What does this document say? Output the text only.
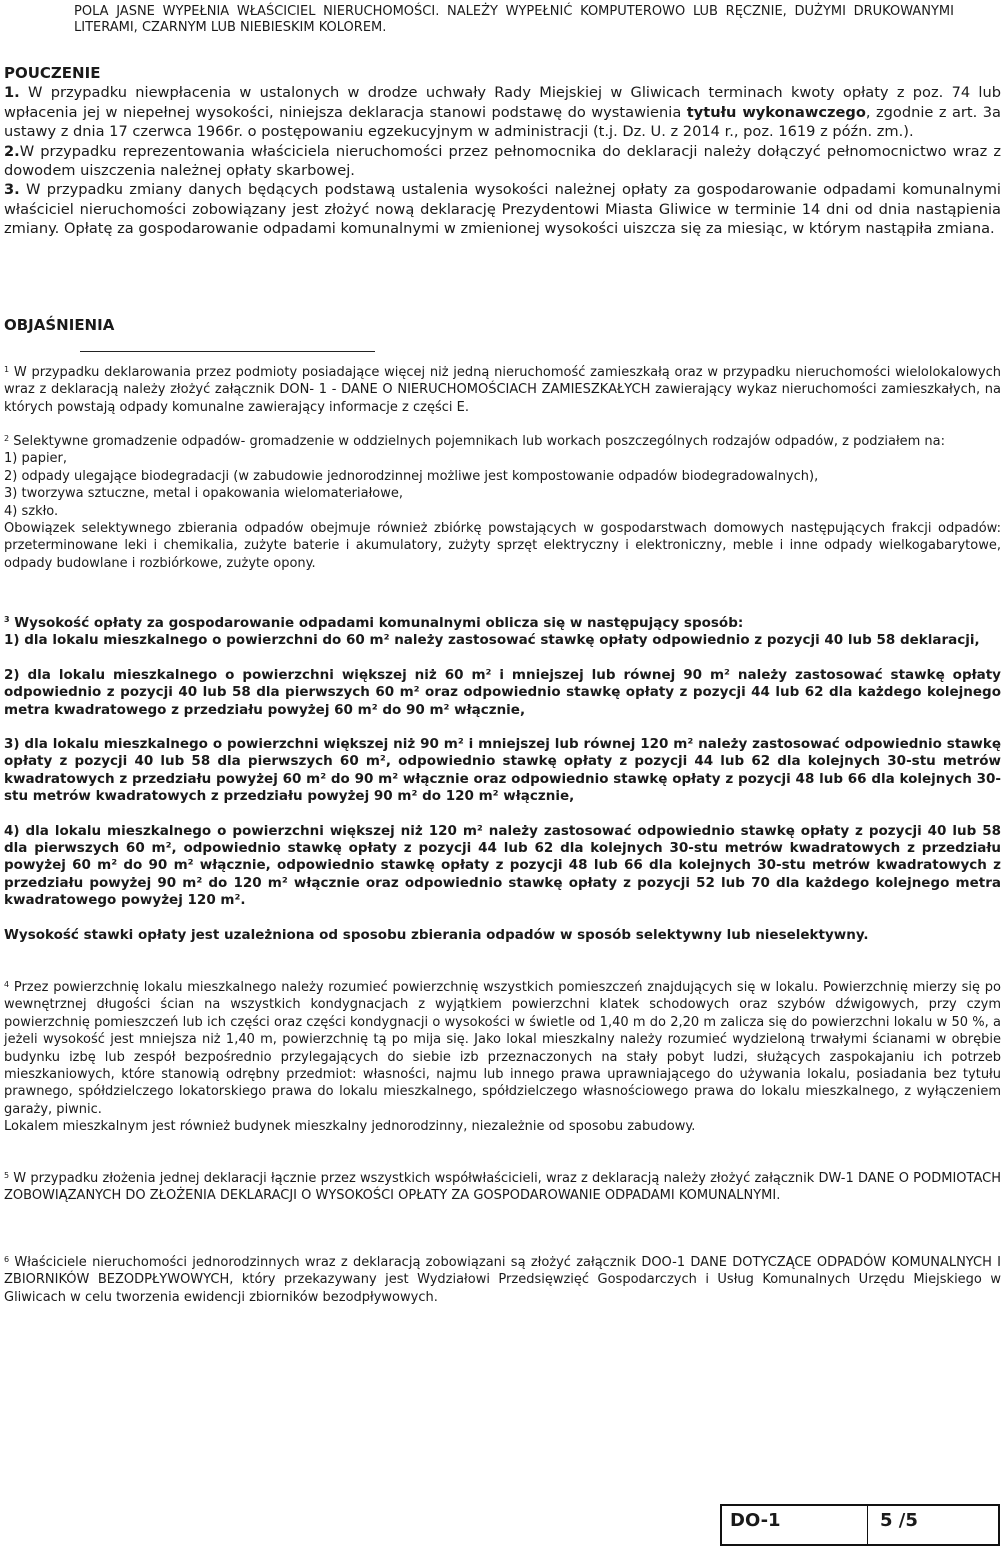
POLA JASNE WYPEŁNIA WŁAŚCICIEL NIERUCHOMOŚCI. NALEŻY WYPEŁNIĆ KOMPUTEROWO LUB RĘCZNIE, DUŻYMI DRUKOWANYMI LITERAMI, CZARNYM LUB NIEBIESKIM KOLOREM.
POUCZENIE
1. W przypadku niewpłacenia w ustalonych w drodze uchwały Rady Miejskiej w Gliwicach terminach kwoty opłaty z poz. 74 lub wpłacenia jej w niepełnej wysokości, niniejsza deklaracja stanowi podstawę do wystawienia tytułu wykonawczego, zgodnie z art. 3a ustawy z dnia 17 czerwca 1966r. o postępowaniu egzekucyjnym w administracji (t.j. Dz. U. z 2014 r., poz. 1619 z późn. zm.).
2.W przypadku reprezentowania właściciela nieruchomości przez pełnomocnika do deklaracji należy dołączyć pełnomocnictwo wraz z dowodem uiszczenia należnej opłaty skarbowej.
3. W przypadku zmiany danych będących podstawą ustalenia wysokości należnej opłaty za gospodarowanie odpadami komunalnymi właściciel nieruchomości zobowiązany jest złożyć nową deklarację Prezydentowi Miasta Gliwice w terminie 14 dni od dnia nastąpienia zmiany. Opłatę za gospodarowanie odpadami komunalnymi w zmienionej wysokości uiszcza się za miesiąc, w którym nastąpiła zmiana.
OBJAŚNIENIA
$^1$ W przypadku deklarowania przez podmioty posiadające więcej niż jedną nieruchomość zamieszkałą oraz w przypadku nieruchomości wielolokalowych wraz z deklaracją należy złożyć załącznik DON- 1 - DANE O NIERUCHOMOŚCIACH ZAMIESZKAŁYCH zawierający wykaz nieruchomości zamieszkałych, na których powstają odpady komunalne zawierający informacje z części E.
$^2$ Selektywne gromadzenie odpadów- gromadzenie w oddzielnych pojemnikach lub workach poszczególnych rodzajów odpadów, z podziałem na:
1) papier,
2) odpady ulegające biodegradacji (w zabudowie jednorodzinnej możliwe jest kompostowanie odpadów biodegradowalnych),
3) tworzywa sztuczne, metal i opakowania wielomateriałowe,
4) szkło.
Obowiązek selektywnego zbierania odpadów obejmuje również zbiórkę powstających w gospodarstwach domowych następujących frakcji odpadów: przeterminowane leki i chemikalia, zużyte baterie i akumulatory, zużyty sprzęt elektryczny i elektroniczny, meble i inne odpady wielkogabarytowe, odpady budowlane i rozbiórkowe, zużyte opony.

$^3$ Wysokość opłaty za gospodarowanie odpadami komunalnymi oblicza się w następujący sposób:

1) dla lokalu mieszkalnego o powierzchni do 60 m² należy zastosować stawkę opłaty odpowiednio z pozycji 40 lub 58 deklaracji,

2) dla lokalu mieszkalnego o powierzchni większej niż 60 m² i mniejszej lub równej 90 m² należy zastosować stawkę opłaty odpowiednio z pozycji 40 lub 58 dla pierwszych 60 m² oraz odpowiednio stawkę opłaty z pozycji 44 lub 62 dla każdego kolejnego metra kwadratowego z przedziału powyżej 60 m² do 90 m² włącznie,

3) dla lokalu mieszkalnego o powierzchni większej niż 90 m² i mniejszej lub równej 120 m² należy zastosować odpowiednio stawkę opłaty z pozycji 40 lub 58 dla pierwszych 60 m², odpowiednio stawkę opłaty z pozycji 44 lub 62 dla kolejnych 30-stu metrów kwadratowych z przedziału powyżej 60 m² do 90 m² włącznie oraz odpowiednio stawkę opłaty z pozycji 48 lub 66 dla kolejnych 30-stu metrów kwadratowych z przedziału powyżej 90 m² do 120 m² włącznie,

4) dla lokalu mieszkalnego o powierzchni większej niż 120 m² należy zastosować odpowiednio stawkę opłaty z pozycji 40 lub 58 dla pierwszych 60 m², odpowiednio stawkę opłaty z pozycji 44 lub 62 dla kolejnych 30-stu metrów kwadratowych z przedziału powyżej 60 m² do 90 m² włącznie, odpowiednio stawkę opłaty z pozycji 48 lub 66 dla kolejnych 30-stu metrów kwadratowych z przedziału powyżej 90 m² do 120 m² włącznie oraz odpowiednio stawkę opłaty z pozycji 52 lub 70 dla każdego kolejnego metra kwadratowego powyżej 120 m².

Wysokość stawki opłaty jest uzależniona od sposobu zbierania odpadów w sposób selektywny lub nieselektywny.

$^4$ Przez powierzchnię lokalu mieszkalnego należy rozumieć powierzchnię wszystkich pomieszczeń znajdujących się w lokalu. Powierzchnię mierzy się po wewnętrznej długości ścian na wszystkich kondygnacjach z wyjątkiem powierzchni klatek schodowych oraz szybów dźwigowych, przy czym powierzchnię pomieszczeń lub ich części oraz części kondygnacji o wysokości w świetle od 1,40 m do 2,20 m zalicza się do powierzchni lokalu w 50 %, a jeżeli wysokość jest mniejsza niż 1,40 m, powierzchnię tą po mija się. Jako lokal mieszkalny należy rozumieć wydzieloną trwałymi ścianami w obrębie budynku izbę lub zespół bezpośrednio przylegających do siebie izb przeznaczonych na stały pobyt ludzi, służących zaspokajaniu ich potrzeb mieszkaniowych, które stanowią odrębny przedmiot: własności, najmu lub innego prawa uprawniającego do używania lokalu, posiadania bez tytułu prawnego, spółdzielczego lokatorskiego prawa do lokalu mieszkalnego, spółdzielczego własnościowego prawa do lokalu mieszkalnego, z wyłączeniem garaży, piwnic.
Lokalem mieszkalnym jest również budynek mieszkalny jednorodzinny, niezależnie od sposobu zabudowy.
$^5$ W przypadku złożenia jednej deklaracji łącznie przez wszystkich współwłaścicieli, wraz z deklaracją należy złożyć załącznik DW-1 DANE O PODMIOTACH ZOBOWIĄZANYCH DO ZŁOŻENIA DEKLARACJI O WYSOKOŚCI OPŁATY ZA GOSPODAROWANIE ODPADAMI KOMUNALNYMI.
$^6$ Właściciele nieruchomości jednorodzinnych wraz z deklaracją zobowiązani są złożyć załącznik DOO-1 DANE DOTYCZĄCE ODPADÓW KOMUNALNYCH I ZBIORNIKÓW BEZODPŁYWOWYCH, który przekazywany jest Wydziałowi Przedsięwzięć Gospodarczych i Usług Komunalnych Urzędu Miejskiego w Gliwicach w celu tworzenia ewidencji zbiorników bezodpływowych.
DO-1	5 /5
